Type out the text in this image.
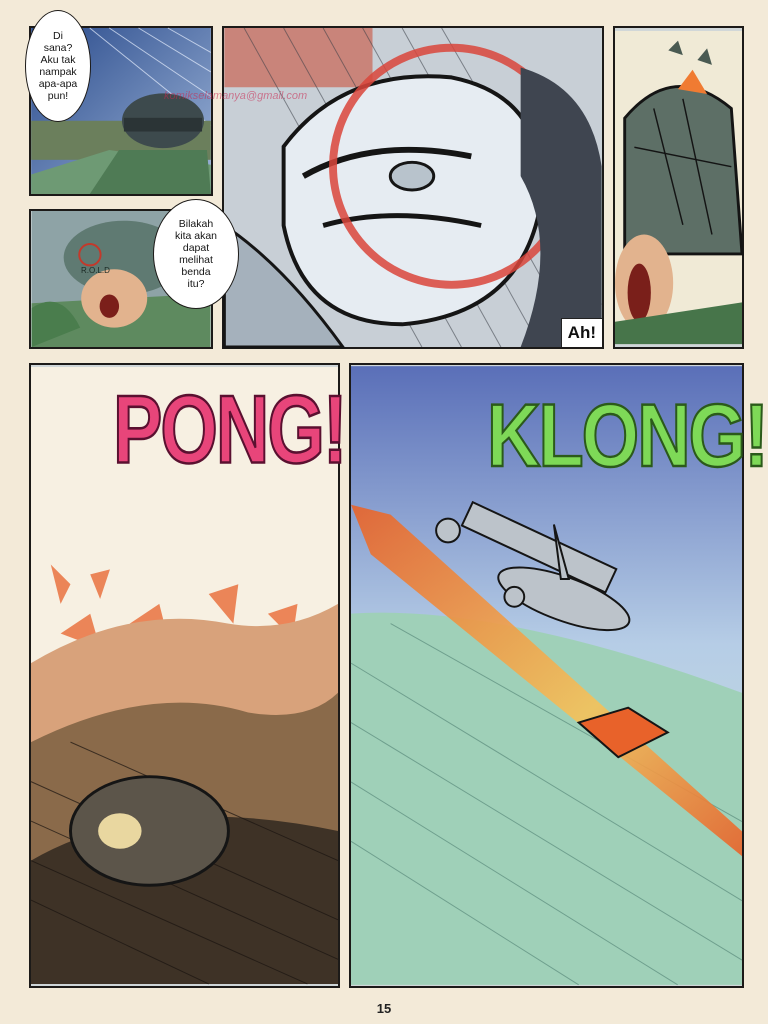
Di
sana?
Aku tak
nampak
apa-apa
pun!
R.O.L.D
Bilakah
kita akan
dapat
melihat
benda
itu?
Ah!
komikselamanya@gmail.com
PONG! KLONG!
15
